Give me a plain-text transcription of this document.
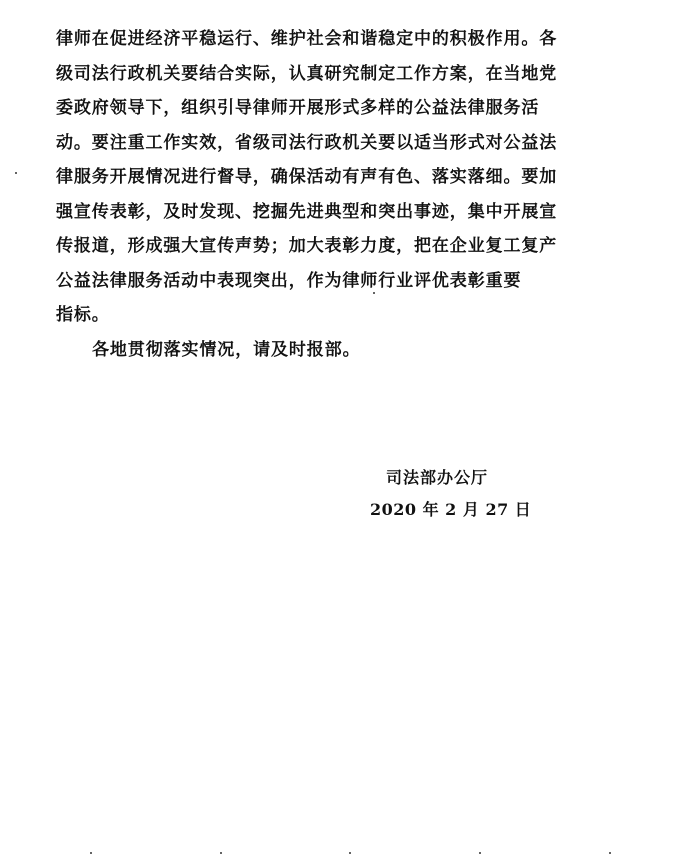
律师在促进经济平稳运行、维护社会和谐稳定中的积极作用。各
级司法行政机关要结合实际，认真研究制定工作方案，在当地党
委政府领导下，组织引导律师开展形式多样的公益法律服务活
动。要注重工作实效，省级司法行政机关要以适当形式对公益法
律服务开展情况进行督导，确保活动有声有色、落实落细。要加
强宣传表彰，及时发现、挖掘先进典型和突出事迹，集中开展宣
传报道，形成强大宣传声势；加大表彰力度，把在企业复工复产
公益法律服务活动中表现突出，作为律师行业评优表彰重要
指标。
各地贯彻落实情况，请及时报部。
司法部办公厅
2020 年 2 月 27 日
